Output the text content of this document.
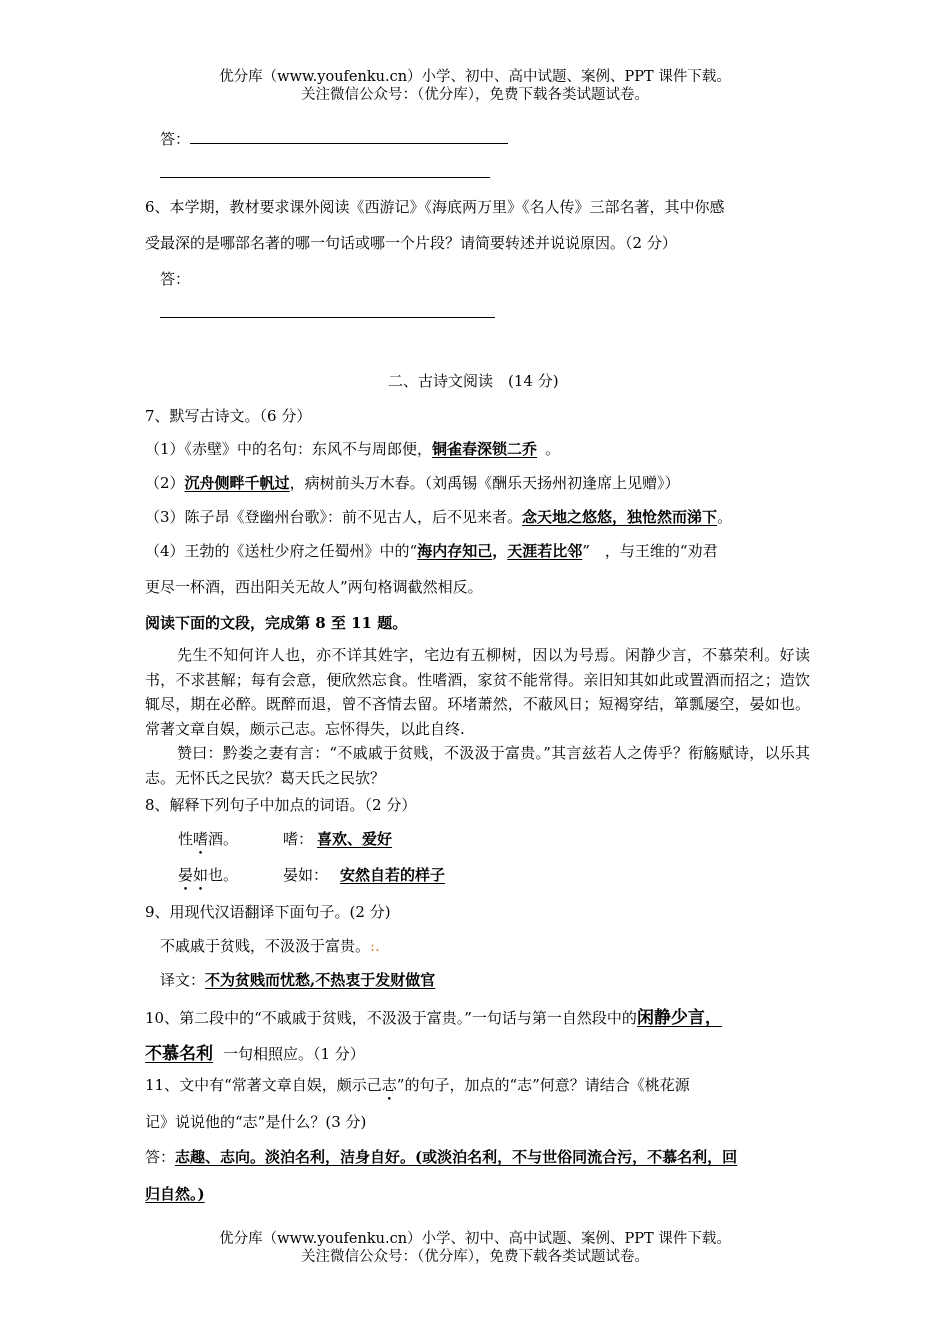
优分库（www.youfenku.cn）小学、初中、高中试题、案例、PPT 课件下载。
关注微信公众号：（优分库），免费下载各类试题试卷。
答：
6、本学期，教材要求课外阅读《西游记》《海底两万里》《名人传》三部名著，其中你感
受最深的是哪部名著的哪一句话或哪一个片段？请简要转述并说说原因。（2 分）
答：
二、古诗文阅读　(14 分)
7、默写古诗文。（6 分）
（1）《赤壁》中的名句：东风不与周郎便，铜雀春深锁二乔 。
（2）沉舟侧畔千帆过，病树前头万木春。（刘禹锡《酬乐天扬州初逢席上见赠》）
（3）陈子昂《登幽州台歌》：前不见古人，后不见来者。念天地之悠悠，独怆然而涕下。
（4）王勃的《送杜少府之任蜀州》中的“海内存知己，天涯若比邻”　，与王维的“劝君
更尽一杯酒，西出阳关无故人”两句格调截然相反。
阅读下面的文段，完成第 8 至 11 题。
先生不知何许人也，亦不详其姓字，宅边有五柳树，因以为号焉。闲静少言，不慕荣利。好读书，不求甚解；每有会意，便欣然忘食。性嗜酒，家贫不能常得。亲旧知其如此或置酒而招之；造饮辄尽，期在必醉。既醉而退，曾不吝情去留。环堵萧然，不蔽风日；短褐穿结，箪瓢屡空，晏如也。常著文章自娱，颇示己志。忘怀得失，以此自终.
赞曰：黔娄之妻有言：“不戚戚于贫贱，不汲汲于富贵。”其言兹若人之俦乎？衔觞赋诗，以乐其志。无怀氏之民欤？葛天氏之民欤？
8、解释下列句子中加点的词语。（2 分）
性嗜酒。	嗜： 喜欢、爱好
晏如也。	晏如： 安然自若的样子
9、用现代汉语翻译下面句子。(2 分)
不戚戚于贫贱，不汲汲于富贵。:.
译文：不为贫贱而忧愁,不热衷于发财做官
10、第二段中的“不戚戚于贫贱，不汲汲于富贵。”一句话与第一自然段中的闲静少言，
不慕名利 一句相照应。（1 分）
11、文中有“常著文章自娱，颇示己志”的句子，加点的“志”何意？请结合《桃花源
记》说说他的“志”是什么？(3 分)
答：志趣、志向。淡泊名利，洁身自好。(或淡泊名利，不与世俗同流合污，不慕名利，回
归自然。)
优分库（www.youfenku.cn）小学、初中、高中试题、案例、PPT 课件下载。
关注微信公众号：（优分库），免费下载各类试题试卷。
